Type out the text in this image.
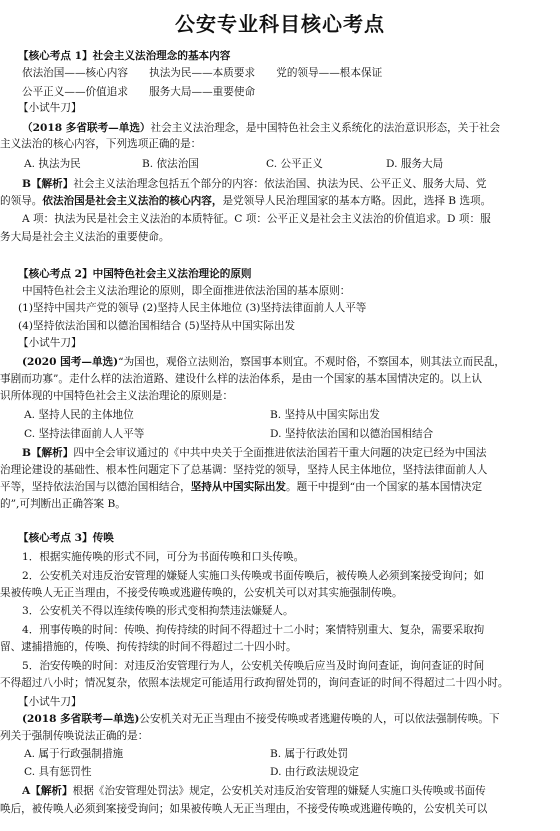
公安专业科目核心考点
【核心考点 1】社会主义法治理念的基本内容
依法治国——核心内容　　执法为民——本质要求　　党的领导——根本保证
公平正义——价值追求　　服务大局——重要使命
【小试牛刀】
（2018 多省联考—单选）社会主义法治理念，是中国特色社会主义系统化的法治意识形态，关于社会
主义法治的核心内容，下列选项正确的是：
A. 执法为民	B. 依法治国	C. 公平正义	D. 服务大局
B【解析】社会主义法治理念包括五个部分的内容：依法治国、执法为民、公平正义、服务大局、党
的领导。依法治国是社会主义法治的核心内容，是党领导人民治理国家的基本方略。因此，选择 B 选项。
A 项：执法为民是社会主义法治的本质特征。C 项：公平正义是社会主义法治的价值追求。D 项：服
务大局是社会主义法治的重要使命。
【核心考点 2】中国特色社会主义法治理论的原则
中国特色社会主义法治理论的原则，即全面推进依法治国的基本原则：
(1)坚持中国共产党的领导 (2)坚持人民主体地位 (3)坚持法律面前人人平等
(4)坚持依法治国和以德治国相结合 (5)坚持从中国实际出发
【小试牛刀】
(2020 国考—单选)“为国也，观俗立法则治，察国事本则宜。不观时俗，不察国本，则其法立而民乱，
事剧而功寡”。走什么样的法治道路、建设什么样的法治体系，是由一个国家的基本国情决定的。以上认
识所体现的中国特色社会主义法治理论的原则是：
A. 坚持人民的主体地位	B. 坚持从中国实际出发
C. 坚持法律面前人人平等	D. 坚持依法治国和以德治国相结合
B【解析】四中全会审议通过的《中共中央关于全面推进依法治国若干重大问题的决定已经为中国法
治理论建设的基础性、根本性问题定下了总基调：坚持党的领导，坚持人民主体地位，坚持法律面前人人
平等，坚持依法治国与以德治国相结合，坚持从中国实际出发。题干中提到“由一个国家的基本国情决定
的”,可判断出正确答案 B。
【核心考点 3】传唤
1．根据实施传唤的形式不同，可分为书面传唤和口头传唤。
2．公安机关对违反治安管理的嫌疑人实施口头传唤或书面传唤后，被传唤人必须到案接受询问；如
果被传唤人无正当理由，不接受传唤或逃避传唤的，公安机关可以对其实施强制传唤。
3．公安机关不得以连续传唤的形式变相拘禁违法嫌疑人。
4．刑事传唤的时间：传唤、拘传持续的时间不得超过十二小时；案情特别重大、复杂，需要采取拘
留、逮捕措施的，传唤、拘传持续的时间不得超过二十四小时。
5．治安传唤的时间：对违反治安管理行为人，公安机关传唤后应当及时询问查证，询问查证的时间
不得超过八小时；情况复杂，依照本法规定可能适用行政拘留处罚的，询问查证的时间不得超过二十四小时。
【小试牛刀】
(2018 多省联考—单选)公安机关对无正当理由不接受传唤或者逃避传唤的人，可以依法强制传唤。下
列关于强制传唤说法正确的是：
A. 属于行政强制措施	B. 属于行政处罚
C. 具有惩罚性	D. 由行政法规设定
A【解析】根据《治安管理处罚法》规定，公安机关对违反治安管理的嫌疑人实施口头传唤或书面传
唤后，被传唤人必须到案接受询问；如果被传唤人无正当理由，不接受传唤或逃避传唤的，公安机关可以
